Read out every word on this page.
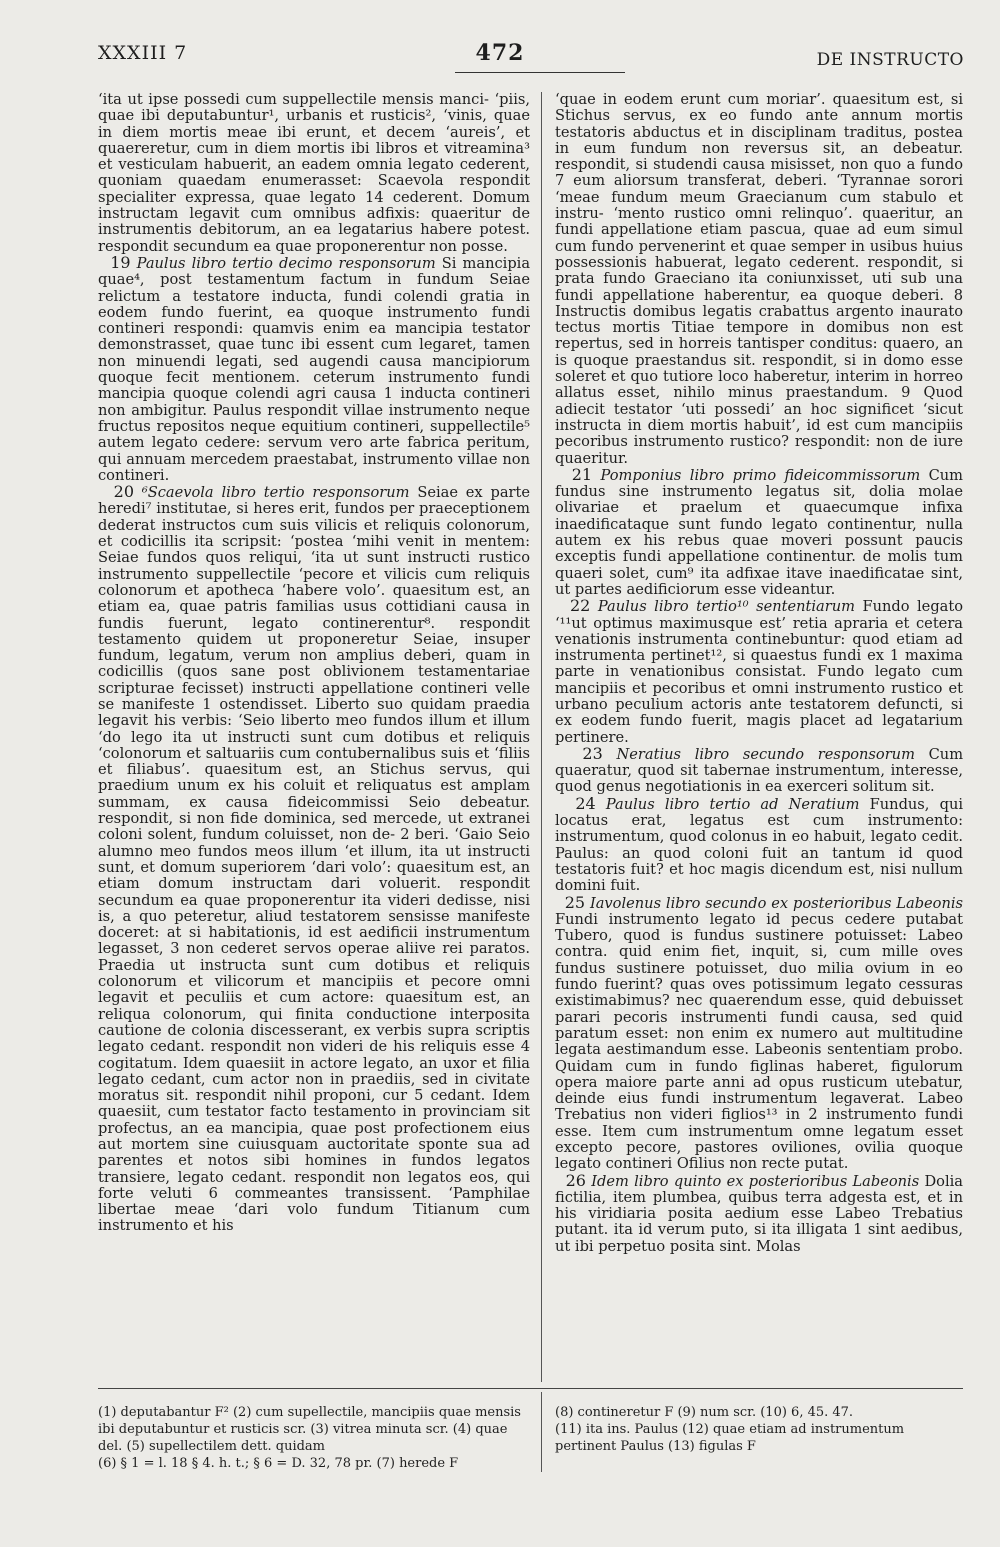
XXXIII 7	472	DE INSTRUCTO

‘ita ut ipse possedi cum suppellectile mensis manci- ‘piis, quae ibi deputabuntur¹, urbanis et rusticis², ‘vinis, quae in diem mortis meae ibi erunt, et decem ‘aureis’, et quaereretur, cum in diem mortis ibi libros et vitreamina³ et vesticulam habuerit, an eadem omnia legato cederent, quoniam quaedam enumerasset: Scaevola respondit specialiter expressa, quae legato 14 cederent. Domum instructam legavit cum omnibus adfixis: quaeritur de instrumentis debitorum, an ea legatarius habere potest. respondit secundum ea quae proponerentur non posse.

19 Paulus libro tertio decimo responsorum Si mancipia quae⁴, post testamentum factum in fundum Seiae relictum a testatore inducta, fundi colendi gratia in eodem fundo fuerint, ea quoque instrumento fundi contineri respondi: quamvis enim ea mancipia testator demonstrasset, quae tunc ibi essent cum legaret, tamen non minuendi legati, sed augendi causa mancipiorum quoque fecit mentionem. ceterum instrumento fundi mancipia quoque colendi agri causa 1 inducta contineri non ambigitur. Paulus respondit villae instrumento neque fructus repositos neque equitium contineri, suppellectile⁵ autem legato cedere: servum vero arte fabrica peritum, qui annuam mercedem praestabat, instrumento villae non contineri.

20 ⁶Scaevola libro tertio responsorum Seiae ex parte heredi⁷ institutae, si heres erit, fundos per praeceptionem dederat instructos cum suis vilicis et reliquis colonorum, et codicillis ita scripsit: ‘postea ‘mihi venit in mentem: Seiae fundos quos reliqui, ‘ita ut sunt instructi rustico instrumento suppellectile ‘pecore et vilicis cum reliquis colonorum et apotheca ‘habere volo’. quaesitum est, an etiam ea, quae patris familias usus cottidiani causa in fundis fuerunt, legato continerentur⁸. respondit testamento quidem ut proponeretur Seiae, insuper fundum, legatum, verum non amplius deberi, quam in codicillis (quos sane post oblivionem testamentariae scripturae fecisset) instructi appellatione contineri velle se manifeste 1 ostendisset. Liberto suo quidam praedia legavit his verbis: ‘Seio liberto meo fundos illum et illum ‘do lego ita ut instructi sunt cum dotibus et reliquis ‘colonorum et saltuariis cum contubernalibus suis et ‘filiis et filiabus’. quaesitum est, an Stichus servus, qui praedium unum ex his coluit et reliquatus est amplam summam, ex causa fideicommissi Seio debeatur. respondit, si non fide dominica, sed mercede, ut extranei coloni solent, fundum coluisset, non de- 2 beri. ‘Gaio Seio alumno meo fundos meos illum ‘et illum, ita ut instructi sunt, et domum superiorem ‘dari volo’: quaesitum est, an etiam domum instructam dari voluerit. respondit secundum ea quae proponerentur ita videri dedisse, nisi is, a quo peteretur, aliud testatorem sensisse manifeste doceret: at si habitationis, id est aedificii instrumentum legasset, 3 non cederet servos operae aliive rei paratos. Praedia ut instructa sunt cum dotibus et reliquis colonorum et vilicorum et mancipiis et pecore omni legavit et peculiis et cum actore: quaesitum est, an reliqua colonorum, qui finita conductione interposita cautione de colonia discesserant, ex verbis supra scriptis legato cedant. respondit non videri de his reliquis esse 4 cogitatum. Idem quaesiit in actore legato, an uxor et filia legato cedant, cum actor non in praediis, sed in civitate moratus sit. respondit nihil proponi, cur 5 cedant. Idem quaesiit, cum testator facto testamento in provinciam sit profectus, an ea mancipia, quae post profectionem eius aut mortem sine cuiusquam auctoritate sponte sua ad parentes et notos sibi homines in fundos legatos transiere, legato cedant. respondit non legatos eos, qui forte veluti 6 commeantes transissent. ‘Pamphilae libertae meae ‘dari volo fundum Titianum cum instrumento et his

‘quae in eodem erunt cum moriar’. quaesitum est, si Stichus servus, ex eo fundo ante annum mortis testatoris abductus et in disciplinam traditus, postea in eum fundum non reversus sit, an debeatur. respondit, si studendi causa misisset, non quo a fundo 7 eum aliorsum transferat, deberi. ‘Tyrannae sorori ‘meae fundum meum Graecianum cum stabulo et instru- ‘mento rustico omni relinquo’. quaeritur, an fundi appellatione etiam pascua, quae ad eum simul cum fundo pervenerint et quae semper in usibus huius possessionis habuerat, legato cederent. respondit, si prata fundo Graeciano ita coniunxisset, uti sub una fundi appellatione haberentur, ea quoque deberi. 8 Instructis domibus legatis crabattus argento inaurato tectus mortis Titiae tempore in domibus non est repertus, sed in horreis tantisper conditus: quaero, an is quoque praestandus sit. respondit, si in domo esse soleret et quo tutiore loco haberetur, interim in horreo allatus esset, nihilo minus praestandum. 9 Quod adiecit testator ‘uti possedi’ an hoc significet ‘sicut instructa in diem mortis habuit’, id est cum mancipiis pecoribus instrumento rustico? respondit: non de iure quaeritur.

21 Pomponius libro primo fideicommissorum Cum fundus sine instrumento legatus sit, dolia molae olivariae et praelum et quaecumque infixa inaedificataque sunt fundo legato continentur, nulla autem ex his rebus quae moveri possunt paucis exceptis fundi appellatione continentur. de molis tum quaeri solet, cum⁹ ita adfixae itave inaedificatae sint, ut partes aedificiorum esse videantur.

22 Paulus libro tertio¹⁰ sententiarum Fundo legato ‘¹¹ut optimus maximusque est’ retia apraria et cetera venationis instrumenta continebuntur: quod etiam ad instrumenta pertinet¹², si quaestus fundi ex 1 maxima parte in venationibus consistat. Fundo legato cum mancipiis et pecoribus et omni instrumento rustico et urbano peculium actoris ante testatorem defuncti, si ex eodem fundo fuerit, magis placet ad legatarium pertinere.

23 Neratius libro secundo responsorum Cum quaeratur, quod sit tabernae instrumentum, interesse, quod genus negotiationis in ea exerceri solitum sit.

24 Paulus libro tertio ad Neratium Fundus, qui locatus erat, legatus est cum instrumento: instrumentum, quod colonus in eo habuit, legato cedit. Paulus: an quod coloni fuit an tantum id quod testatoris fuit? et hoc magis dicendum est, nisi nullum domini fuit.

25 Iavolenus libro secundo ex posterioribus Labeonis Fundi instrumento legato id pecus cedere putabat Tubero, quod is fundus sustinere potuisset: Labeo contra. quid enim fiet, inquit, si, cum mille oves fundus sustinere potuisset, duo milia ovium in eo fundo fuerint? quas oves potissimum legato cessuras existimabimus? nec quaerendum esse, quid debuisset parari pecoris instrumenti fundi causa, sed quid paratum esset: non enim ex numero aut multitudine legata aestimandum esse. Labeonis sententiam probo. Quidam cum in fundo figlinas haberet, figulorum opera maiore parte anni ad opus rusticum utebatur, deinde eius fundi instrumentum legaverat. Labeo Trebatius non videri figlios¹³ in 2 instrumento fundi esse. Item cum instrumentum omne legatum esset excepto pecore, pastores oviliones, ovilia quoque legato contineri Ofilius non recte putat.

26 Idem libro quinto ex posterioribus Labeonis Dolia fictilia, item plumbea, quibus terra adgesta est, et in his viridiaria posita aedium esse Labeo Trebatius putant. ita id verum puto, si ita illigata 1 sint aedibus, ut ibi perpetuo posita sint. Molas

(1) deputabantur F² (2) cum supellectile, mancipiis quae mensis ibi deputabuntur et rusticis scr. (3) vitrea minuta scr. (4) quae del. (5) supellectilem dett. quidam

(6) § 1 = l. 18 § 4. h. t.; § 6 = D. 32, 78 pr. (7) herede F

(8) contineretur F (9) num scr. (10) 6, 45. 47.

(11) ita ins. Paulus (12) quae etiam ad instrumentum pertinent Paulus (13) figulas F
